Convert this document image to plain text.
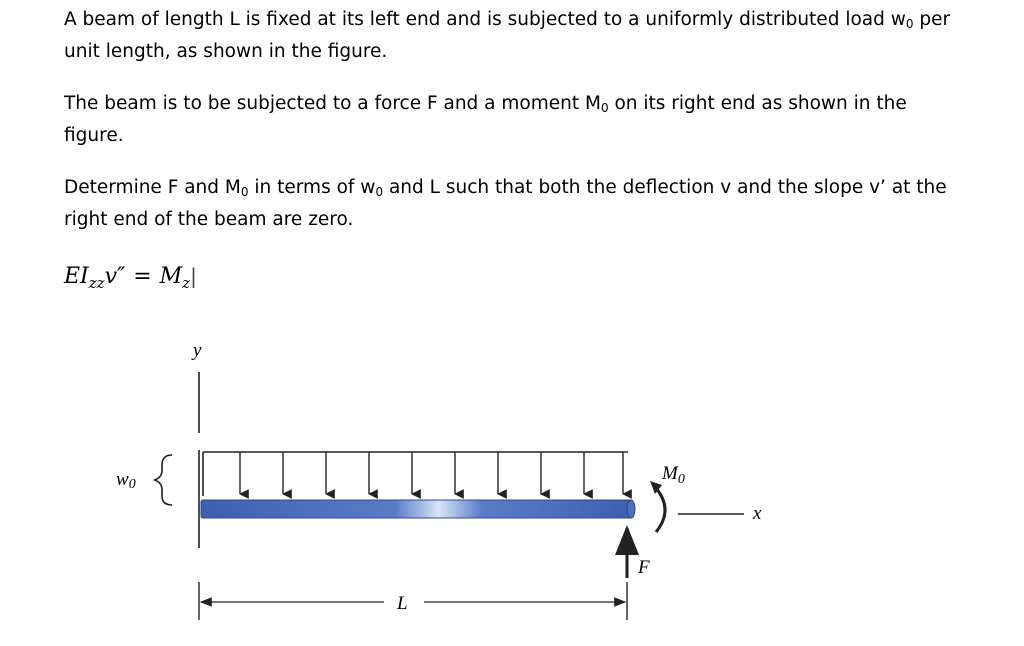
A beam of length L is fixed at its left end and is subjected to a uniformly distributed load $w_0$ per
unit length, as shown in the figure.

The beam is to be subjected to a force F and a moment $M_0$ on its right end as shown in the
figure.

Determine F and $M_0$ in terms of $w_0$ and L such that both the deflection v and the slope v’ at the
right end of the beam are zero.

$EI_{zz}v'' = M_z|$
y
w0
$M_0$
x
F
L
